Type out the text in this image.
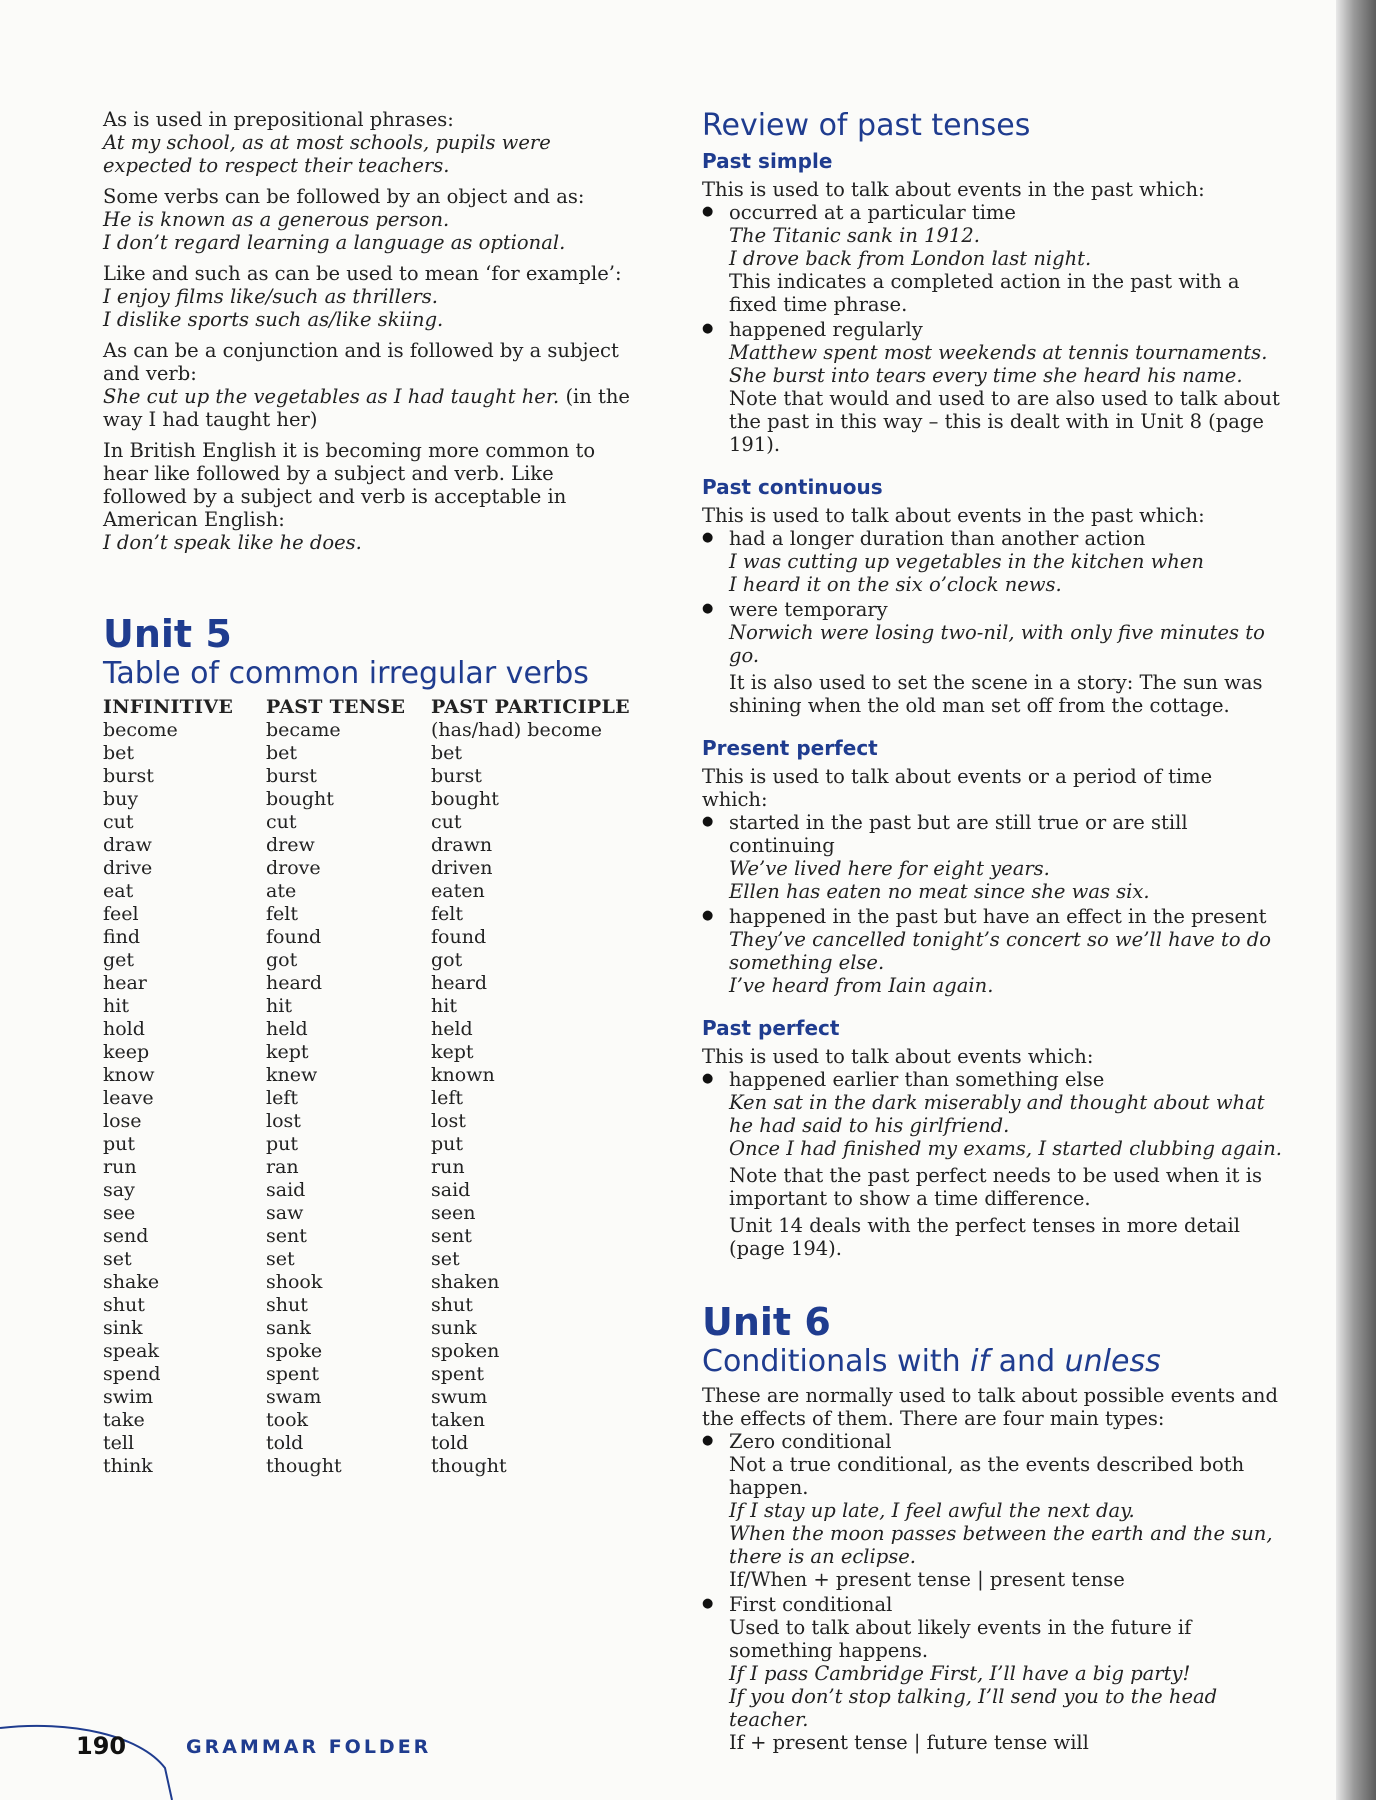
As is used in prepositional phrases:
At my school, as at most schools, pupils were expected to respect their teachers.

Some verbs can be followed by an object and as:
He is known as a generous person.
I don’t regard learning a language as optional.

Like and such as can be used to mean ‘for example’:
I enjoy films like/such as thrillers.
I dislike sports such as/like skiing.

As can be a conjunction and is followed by a subject and verb:
She cut up the vegetables as I had taught her. (in the way I had taught her)

In British English it is becoming more common to hear like followed by a subject and verb. Like followed by a subject and verb is acceptable in American English:
I don’t speak like he does.

Unit 5
Table of common irregular verbs
INFINITIVE	PAST TENSE	PAST PARTICIPLE
become	became	(has/had) become
bet	bet	bet
burst	burst	burst
buy	bought	bought
cut	cut	cut
draw	drew	drawn
drive	drove	driven
eat	ate	eaten
feel	felt	felt
find	found	found
get	got	got
hear	heard	heard
hit	hit	hit
hold	held	held
keep	kept	kept
know	knew	known
leave	left	left
lose	lost	lost
put	put	put
run	ran	run
say	said	said
see	saw	seen
send	sent	sent
set	set	set
shake	shook	shaken
shut	shut	shut
sink	sank	sunk
speak	spoke	spoken
spend	spent	spent
swim	swam	swum
take	took	taken
tell	told	told
think	thought	thought
Review of past tenses
Past simple
This is used to talk about events in the past which:
● occurred at a particular time
The Titanic sank in 1912.
I drove back from London last night.
This indicates a completed action in the past with a fixed time phrase.
● happened regularly
Matthew spent most weekends at tennis tournaments.
She burst into tears every time she heard his name.
Note that would and used to are also used to talk about the past in this way – this is dealt with in Unit 8 (page 191).
Past continuous
This is used to talk about events in the past which:
● had a longer duration than another action
I was cutting up vegetables in the kitchen when
I heard it on the six o’clock news.
● were temporary
Norwich were losing two-nil, with only five minutes to go.
It is also used to set the scene in a story: The sun was shining when the old man set off from the cottage.
Present perfect
This is used to talk about events or a period of time which:
● started in the past but are still true or are still continuing
We’ve lived here for eight years.
Ellen has eaten no meat since she was six.
● happened in the past but have an effect in the present
They’ve cancelled tonight’s concert so we’ll have to do something else.
I’ve heard from Iain again.
Past perfect
This is used to talk about events which:
● happened earlier than something else
Ken sat in the dark miserably and thought about what he had said to his girlfriend.
Once I had finished my exams, I started clubbing again.
Note that the past perfect needs to be used when it is important to show a time difference.
Unit 14 deals with the perfect tenses in more detail (page 194).
Unit 6
Conditionals with if and unless
These are normally used to talk about possible events and the effects of them. There are four main types:
● Zero conditional
Not a true conditional, as the events described both happen.
If I stay up late, I feel awful the next day.
When the moon passes between the earth and the sun, there is an eclipse.
If/When + present tense | present tense
● First conditional
Used to talk about likely events in the future if something happens.
If I pass Cambridge First, I’ll have a big party!
If you don’t stop talking, I’ll send you to the head teacher.
If + present tense | future tense will
190	GRAMMAR FOLDER
